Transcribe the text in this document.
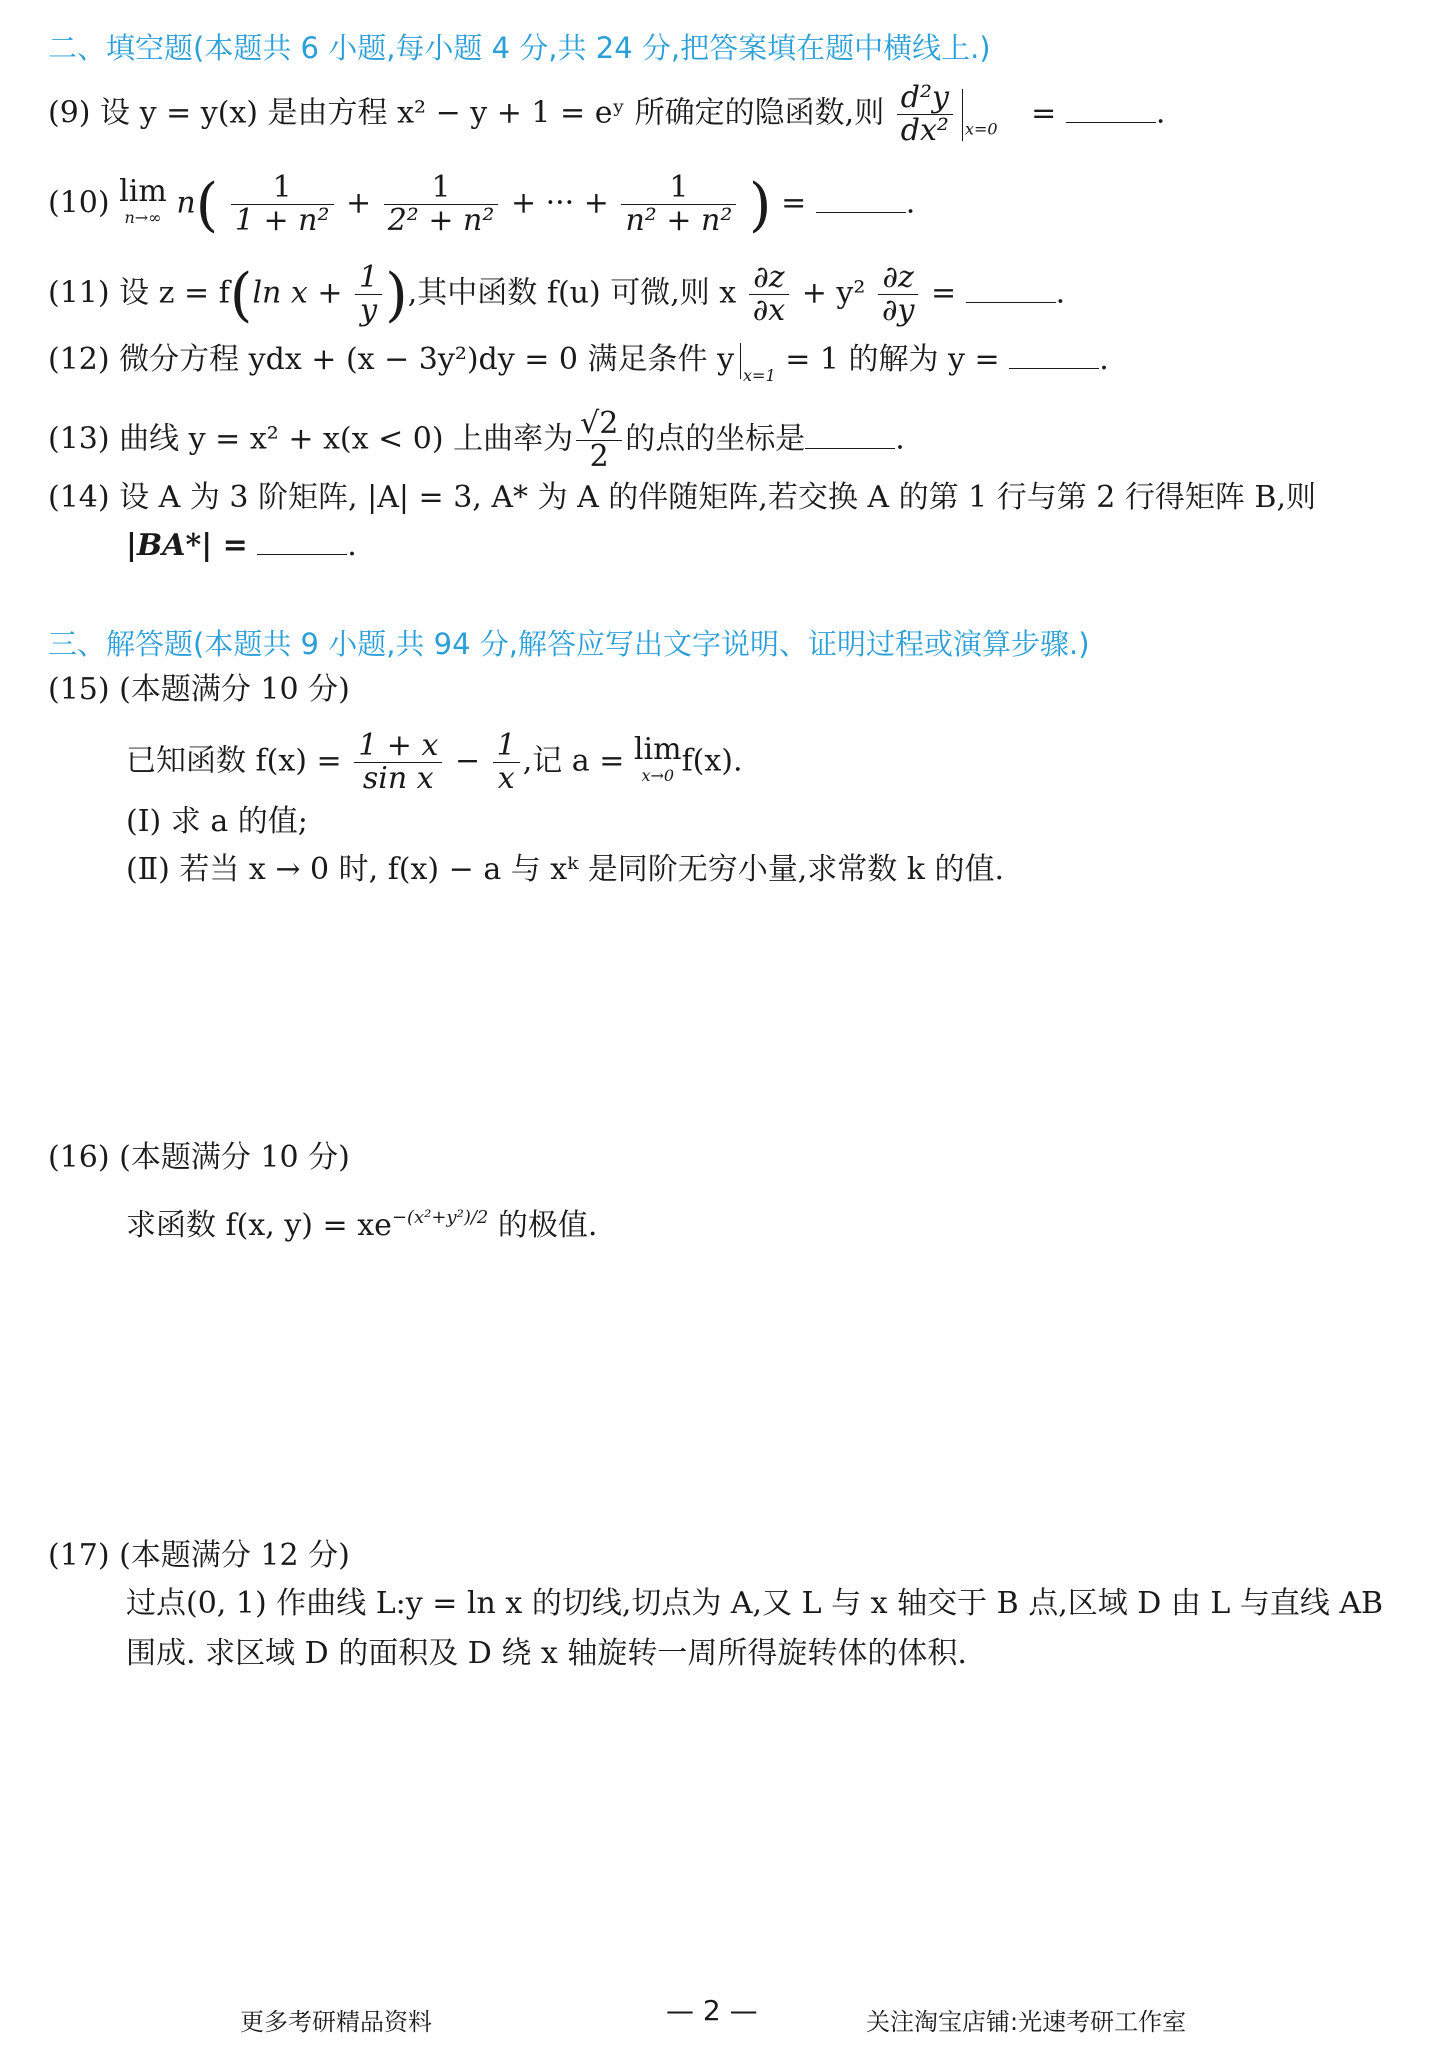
二、填空题(本题共 6 小题,每小题 4 分,共 24 分,把答案填在题中横线上.)
(9) 设 y = y(x) 是由方程 x² − y + 1 = eʸ 所确定的隐函数,则 $\frac{\text{d²y}}{\text{dx²}} _{x=0}$ =	.
(10) lim
n→∞ $n( \frac{1}{\text{1 + n²}} + \frac{1}{\text{2² + n²}}$ + ··· + $\frac{1}{\text{n² + n²}}$ ) =	.
(11) 设 z = f(ln $x + \frac{1}{y}$ ),其中函数 f(u) 可微,则 x $\frac{\partial z}{\partial x} + y^2 \frac{\partial z}{\partial y}$ =	.
(12) 微分方程 ydx + (x − 3y²)dy = 0 满足条件 y $_{x=1}$ = 1 的解为 y =	.
(13) 曲线 y = x² + x(x < 0) 上曲率为 $\frac{√2}{2}$ 的点的坐标是	.
(14) 设 A 为 3 阶矩阵, |A| = 3, A* 为 A 的伴随矩阵,若交换 A 的第 1 行与第 2 行得矩阵 B,则
|BA*| =	.
三、解答题(本题共 9 小题,共 94 分,解答应写出文字说明、证明过程或演算步骤.)
(15) (本题满分 10 分)
已知函数 $f(x) = \frac{1 + x}{\text{sin x}} - \frac{1}{x}$ ,记 a = lim
x→0 f(x).
(Ⅰ) 求 a 的值;
(Ⅱ) 若当 x → 0 时, f(x) − a 与 xᵏ 是同阶无穷小量,求常数 k 的值.
(16) (本题满分 10 分)
求函数 f(x, $y) = xe^{-(x^2+y^2)/2}$ 的极值.
(17) (本题满分 12 分)
过点(0, 1) 作曲线 L:y = ln x 的切线,切点为 A,又 L 与 x 轴交于 B 点,区域 D 由 L 与直线 AB
围成. 求区域 D 的面积及 D 绕 x 轴旋转一周所得旋转体的体积.
更多考研精品资料	— 2 —	关注淘宝店铺:光速考研工作室
